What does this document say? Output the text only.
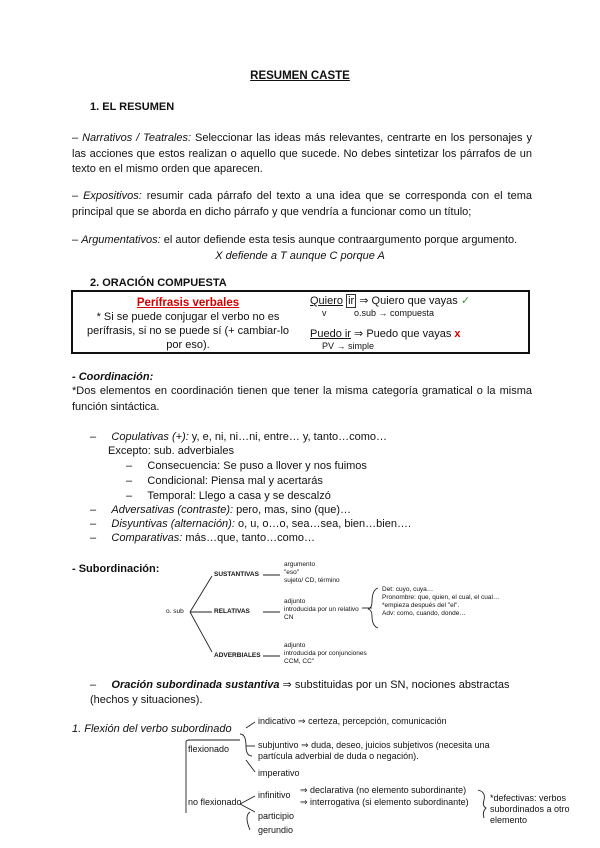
RESUMEN CASTE
1. EL RESUMEN
– Narrativos / Teatrales: Seleccionar las ideas más relevantes, centrarte en los personajes y las acciones que estos realizan o aquello que sucede. No debes sintetizar los párrafos de un texto en el mismo orden que aparecen.
– Expositivos: resumir cada párrafo del texto a una idea que se corresponda con el tema principal que se aborda en dicho párrafo y que vendría a funcionar como un título;
– Argumentativos: el autor defiende esta tesis aunque contraargumento porque argumento.
X defiende a T aunque C porque A
2. ORACIÓN COMPUESTA
Perífrasis verbales
* Si se puede conjugar el verbo no es perífrasis, si no se puede sí (+ cambiar-lo por eso).
Quiero ir ⇒ Quiero que vayas ✓
v	o.sub → compuesta
Puedo ir ⇒ Puedo que vayas x
PV → simple
- Coordinación:
*Dos elementos en coordinación tienen que tener la misma categoría gramatical o la misma función sintáctica.
–     Copulativas (+): y, e, ni, ni…ni, entre… y, tanto…como…
Excepto: sub. adverbiales
–     Consecuencia: Se puso a llover y nos fuimos
–     Condicional: Piensa mal y acertarás
–     Temporal: Llego a casa y se descalzó
–     Adversativas (contraste): pero, mas, sino (que)…
–     Disyuntivas (alternación): o, u, o…o, sea…sea, bien…bien….
–     Comparativas: más…que, tanto…como…
- Subordinación:
o. sub
SUSTANTIVAS
argumento
"eso"
sujeto/ CD, término
RELATIVAS
adjunto
introducida por un relativo
CN
Det: cuyo, cuya…
Pronombre: que, quien, el cual, el cual…
*empieza después del "el".
Adv: como, cuando, donde…
ADVERBIALES
adjunto
introducida por conjunciones
CCM, CC''
–     Oración subordinada sustantiva ⇒ substituidas por un SN, nociones abstractas (hechos y situaciones).
1. Flexión del verbo subordinado
flexionado
no flexionado
indicativo ⇒ certeza, percepción, comunicación
subjuntivo ⇒ duda, deseo, juicios subjetivos (necesita una partícula adverbial de duda o negación).
imperativo
infinitivo ⇒ declarativa (no elemento subordinante)
⇒ interrogativa (si elemento subordinante)
participio
gerundio
*defectivas: verbos subordinados a otro elemento
